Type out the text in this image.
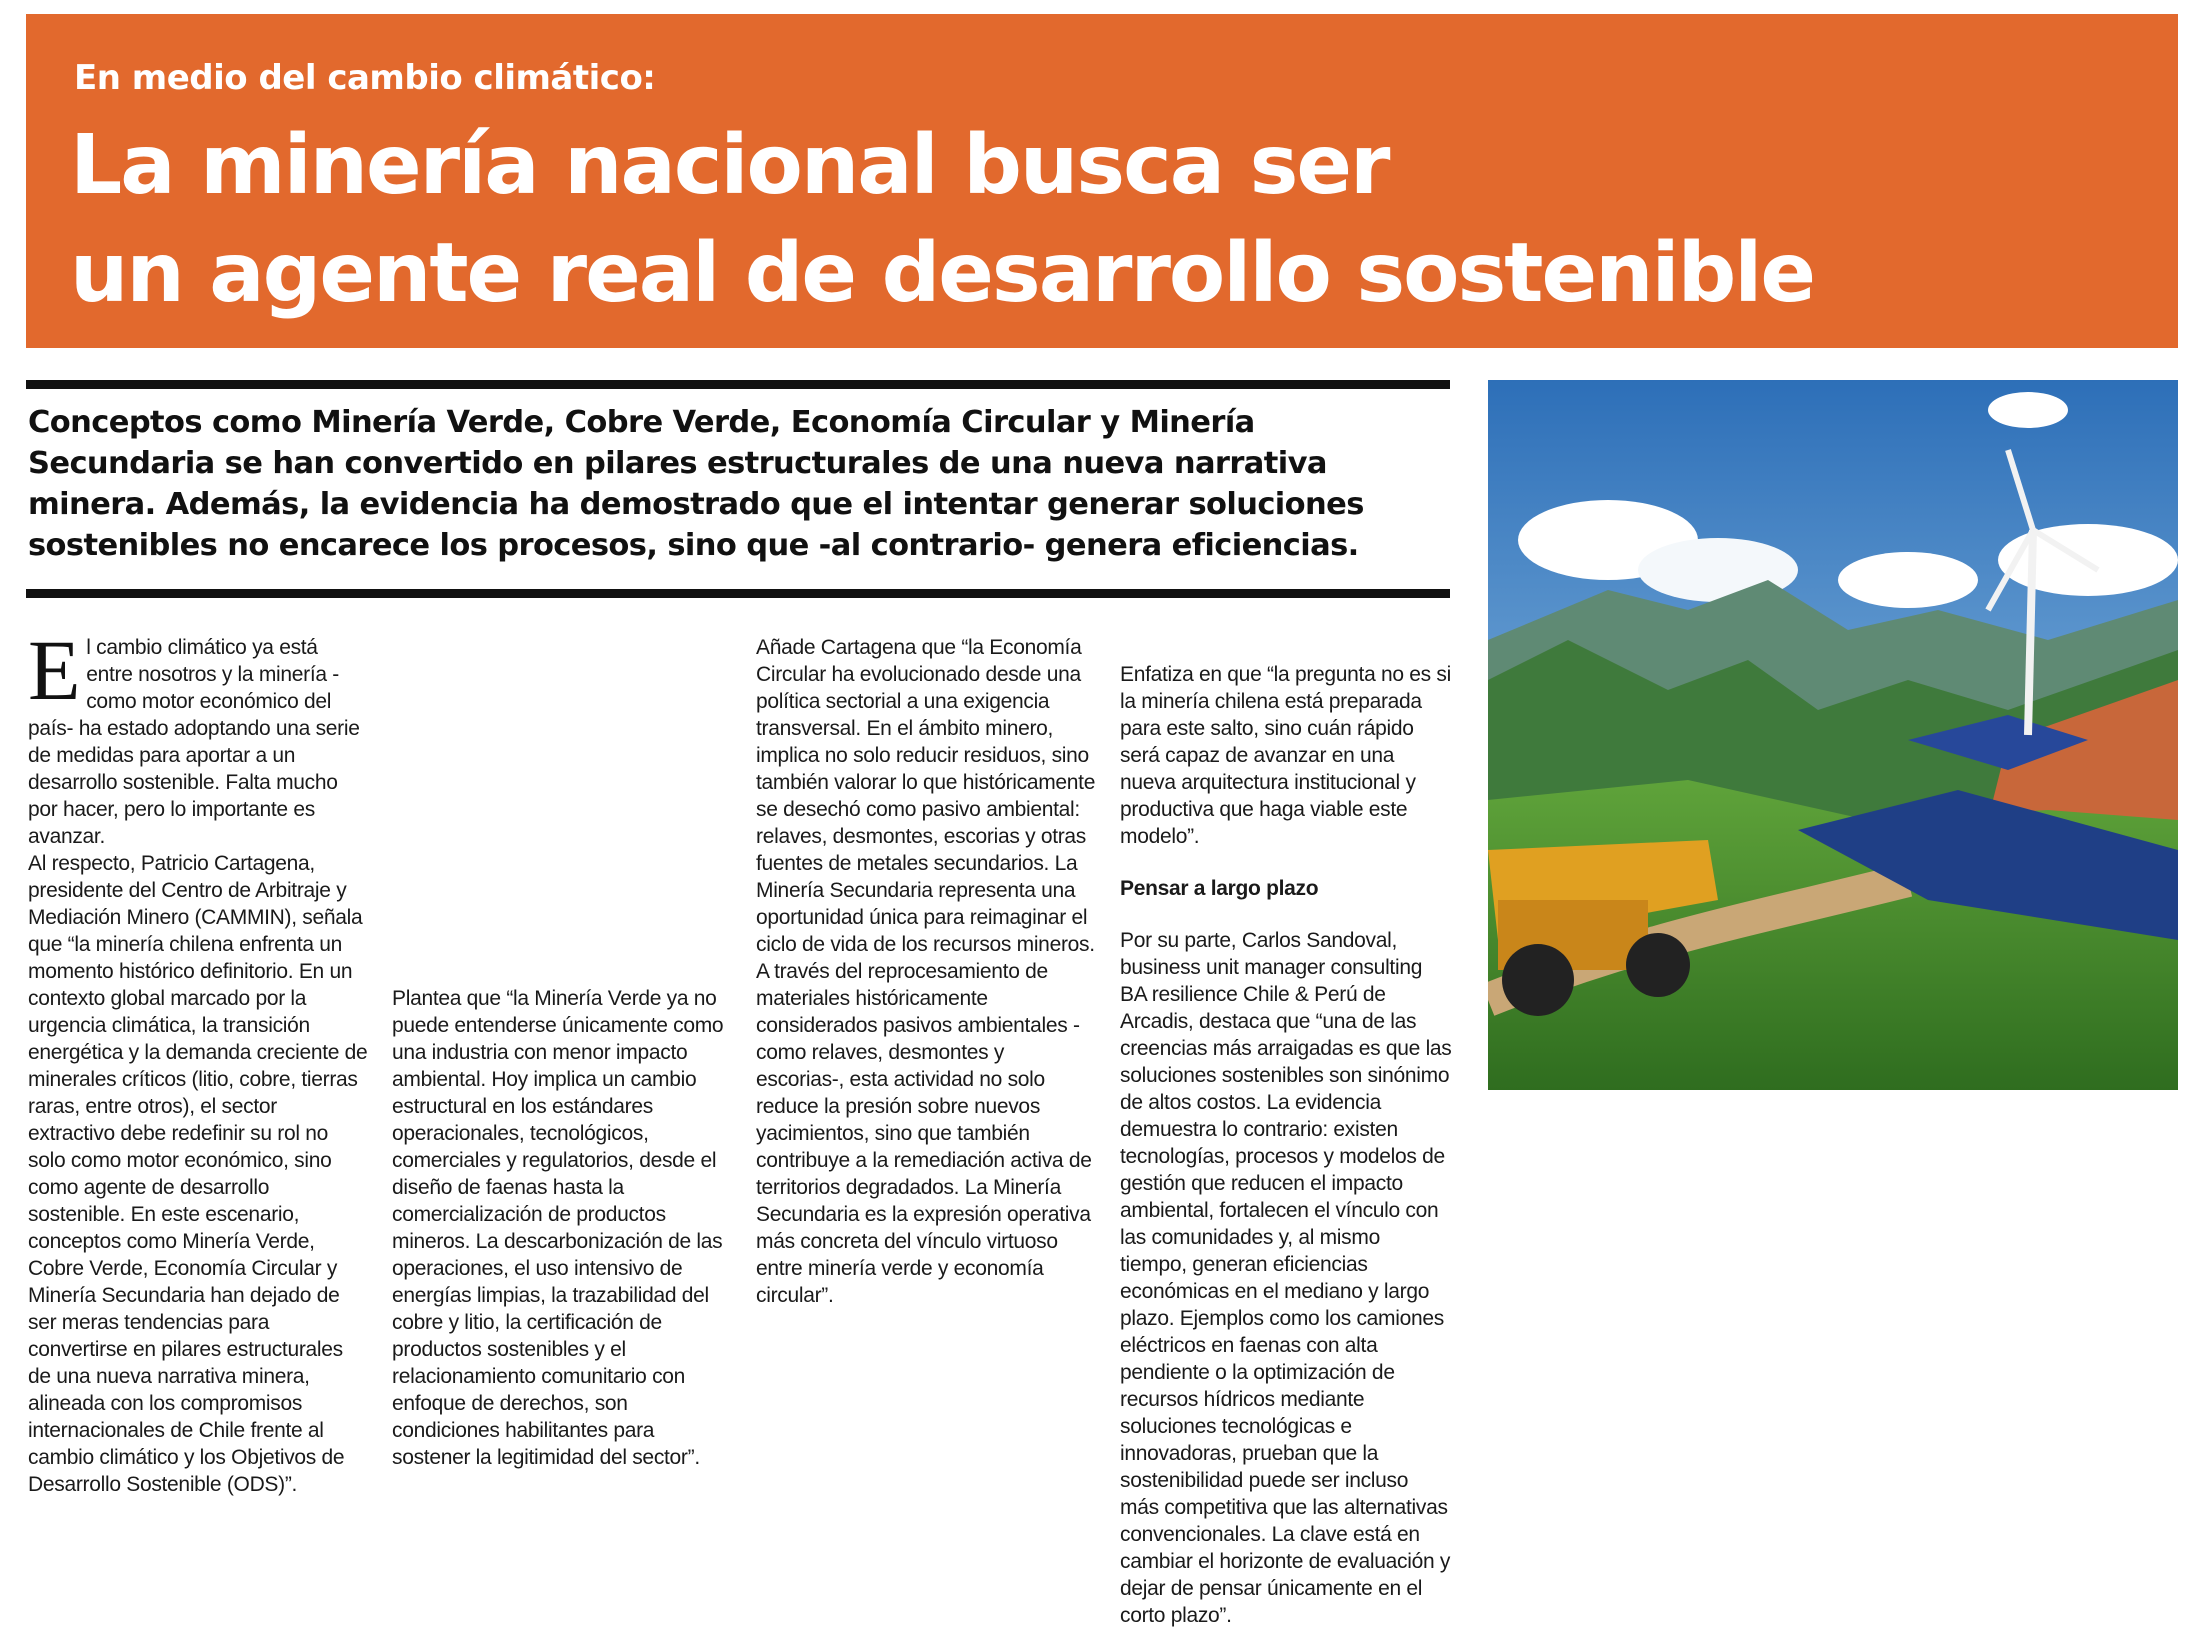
En medio del cambio climático:
La minería nacional busca ser
un agente real de desarrollo sostenible

Conceptos como Minería Verde, Cobre Verde, Economía Circular y Minería Secundaria se han convertido en pilares estructurales de una nueva narrativa minera. Además, la evidencia ha demostrado que el intentar generar soluciones sostenibles no encarece los procesos, sino que -al contrario- genera eficiencias.

E l cambio climático ya está entre nosotros y la minería -como motor económico del país- ha estado adoptando una serie de medidas para aportar a un desarrollo sostenible. Falta mucho por hacer, pero lo importante es avanzar.

Al respecto, Patricio Cartagena, presidente del Centro de Arbitraje y Mediación Minero (CAMMIN), señala que “la minería chilena enfrenta un momento histórico definitorio. En un contexto global marcado por la urgencia climática, la transición energética y la demanda creciente de minerales críticos (litio, cobre, tierras raras, entre otros), el sector extractivo debe redefinir su rol no solo como motor económico, sino como agente de desarrollo sostenible. En este escenario, conceptos como Minería Verde, Cobre Verde, Economía Circular y Minería Secundaria han dejado de ser meras tendencias para convertirse en pilares estructurales de una nueva narrativa minera, alineada con los compromisos internacionales de Chile frente al cambio climático y los Objetivos de Desarrollo Sostenible (ODS)”.

Plantea que “la Minería Verde ya no puede entenderse únicamente como una industria con menor impacto ambiental. Hoy implica un cambio estructural en los estándares operacionales, tecnológicos, comerciales y regulatorios, desde el diseño de faenas hasta la comercialización de productos mineros. La descarbonización de las operaciones, el uso intensivo de energías limpias, la trazabilidad del cobre y litio, la certificación de productos sostenibles y el relacionamiento comunitario con enfoque de derechos, son condiciones habilitantes para sostener la legitimidad del sector”.

Añade Cartagena que “la Economía Circular ha evolucionado desde una política sectorial a una exigencia transversal. En el ámbito minero, implica no solo reducir residuos, sino también valorar lo que históricamente se desechó como pasivo ambiental: relaves, desmontes, escorias y otras fuentes de metales secundarios. La Minería Secundaria representa una oportunidad única para reimaginar el ciclo de vida de los recursos mineros. A través del reprocesamiento de materiales históricamente considerados pasivos ambientales -como relaves, desmontes y escorias-, esta actividad no solo reduce la presión sobre nuevos yacimientos, sino que también contribuye a la remediación activa de territorios degradados. La Minería Secundaria es la expresión operativa más concreta del vínculo virtuoso entre minería verde y economía circular”.

Enfatiza en que “la pregunta no es si la minería chilena está preparada para este salto, sino cuán rápido será capaz de avanzar en una nueva arquitectura institucional y productiva que haga viable este modelo”.

Pensar a largo plazo

Por su parte, Carlos Sandoval, business unit manager consulting BA resilience Chile & Perú de Arcadis, destaca que “una de las creencias más arraigadas es que las soluciones sostenibles son sinónimo de altos costos. La evidencia demuestra lo contrario: existen tecnologías, procesos y modelos de gestión que reducen el impacto ambiental, fortalecen el vínculo con las comunidades y, al mismo tiempo, generan eficiencias económicas en el mediano y largo plazo. Ejemplos como los camiones eléctricos en faenas con alta pendiente o la optimización de recursos hídricos mediante soluciones tecnológicas e innovadoras, prueban que la sostenibilidad puede ser incluso más competitiva que las alternativas convencionales. La clave está en cambiar el horizonte de evaluación y dejar de pensar únicamente en el corto plazo”.
